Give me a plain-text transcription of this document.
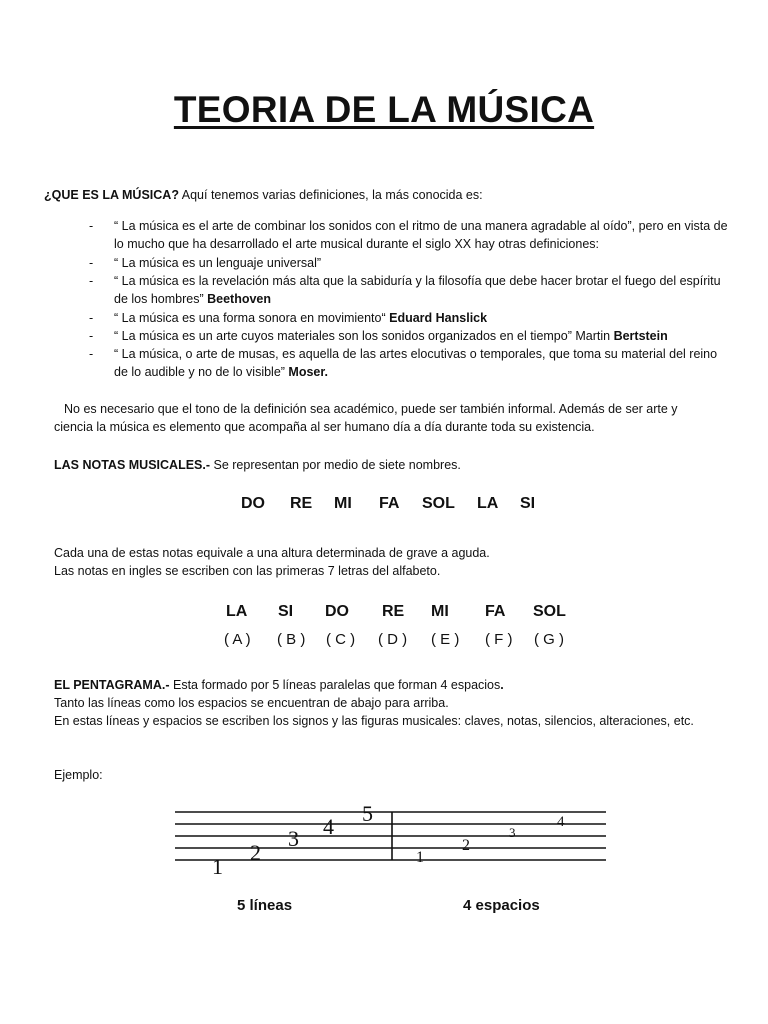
TEORIA DE LA MÚSICA
¿QUE ES LA MÚSICA? Aquí tenemos varias definiciones, la más conocida es:
- “ La música es el arte de combinar los sonidos con el ritmo de una manera agradable al oído”, pero en vista de lo mucho que ha desarrollado el arte musical durante el siglo XX hay otras definiciones:
- “ La música es un lenguaje universal”
- “ La música es la revelación más alta que la sabiduría y la filosofía que debe hacer brotar el fuego del espíritu de los hombres” Beethoven
- “ La música es una forma sonora en movimiento“ Eduard Hanslick
- “ La música es un arte cuyos materiales son los sonidos organizados en el tiempo” Martin Bertstein
- “ La música, o arte de musas, es aquella de las artes elocutivas o temporales, que toma su material del reino de lo audible y no de lo visible” Moser.
No es necesario que el tono de la definición sea académico, puede ser también informal. Además de ser arte y ciencia la música es elemento que acompaña al ser humano día a día durante toda su existencia.
LAS NOTAS MUSICALES.- Se representan por medio de siete nombres.
DO RE MI FA SOL LA SI
Cada una de estas notas equivale a una altura determinada de grave a aguda.
Las notas en ingles se escriben con las primeras 7 letras del alfabeto.
LA SI DO RE MI FA SOL
( A ) ( B ) ( C ) ( D ) ( E ) ( F ) ( G )
EL PENTAGRAMA.- Esta formado por 5 líneas paralelas que forman 4 espacios.
Tanto las líneas como los espacios se encuentran de abajo para arriba.
En estas líneas y espacios se escriben los signos y las figuras musicales: claves, notas, silencios, alteraciones, etc.
Ejemplo:
1
2
3 4
5
1
2
3
4
5 líneas	4 espacios
